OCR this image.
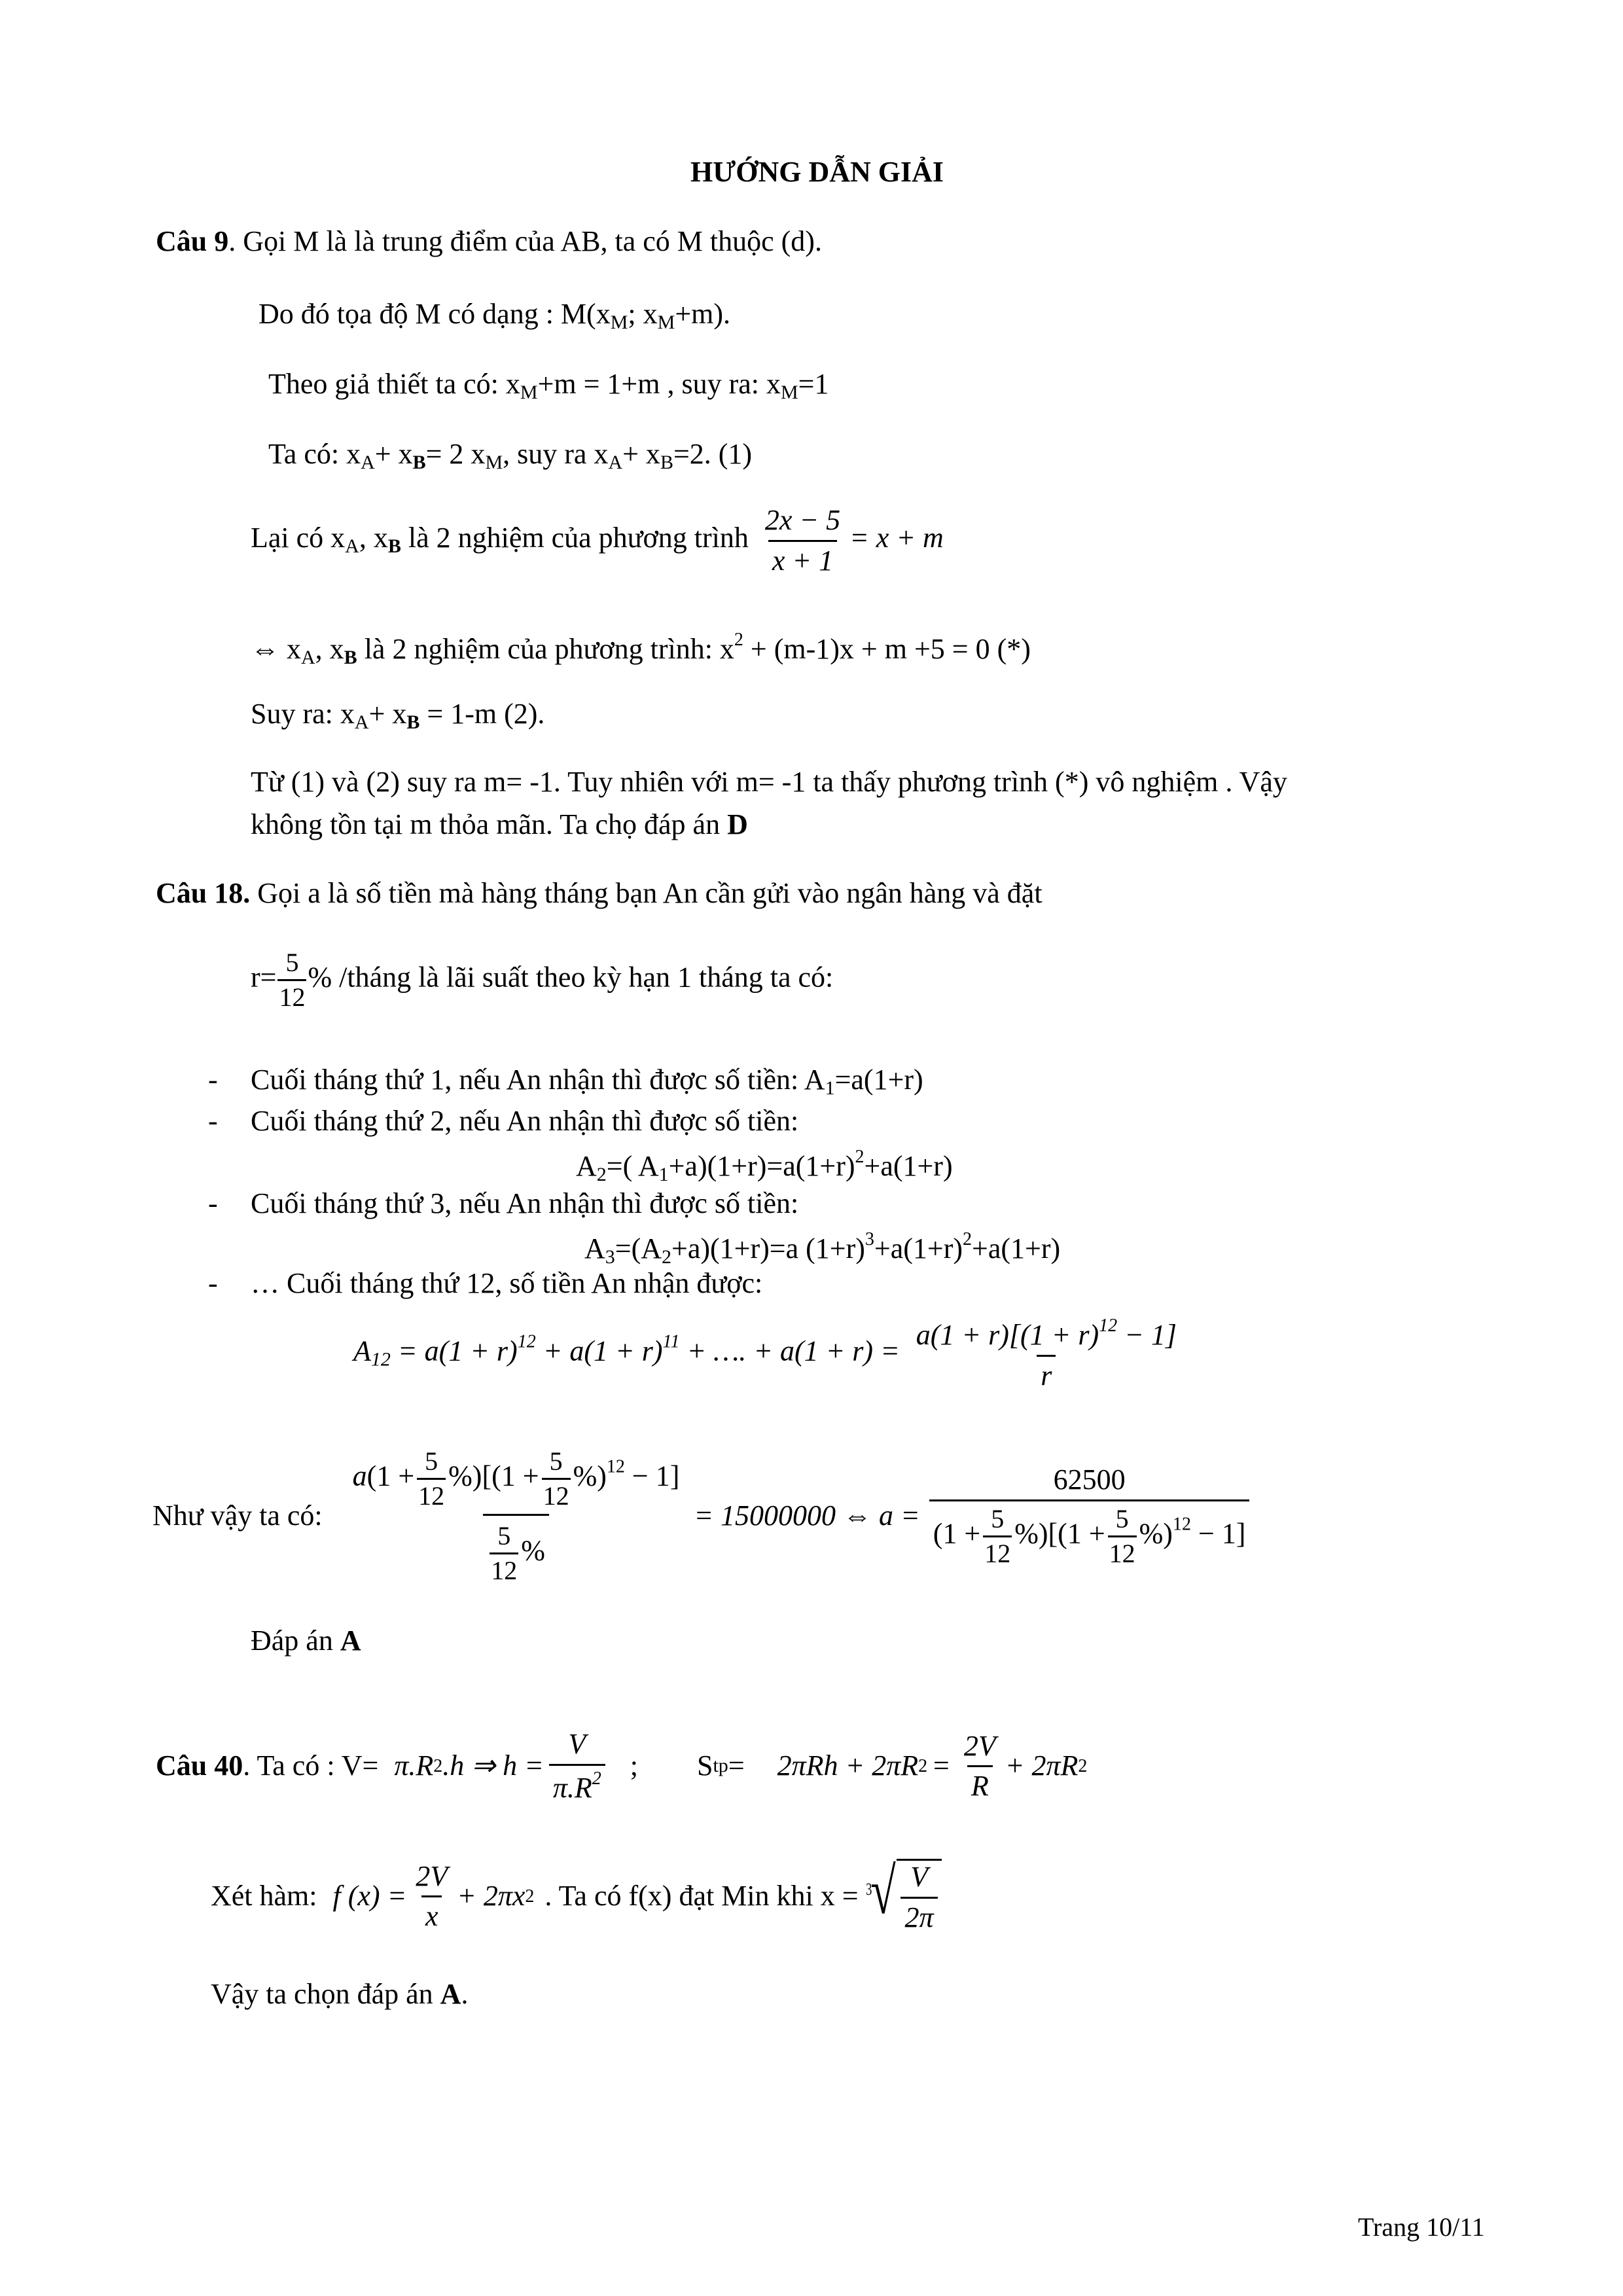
HƯỚNG DẪN GIẢI
Câu 9. Gọi M là là trung điểm của AB, ta có M thuộc (d).
Do đó tọa độ M có dạng : $M(x_M$; $x_M+m$).
Theo giả thiết ta có: $x_M+m = 1+m$ , suy ra: $x_M=1$
Ta có: $x_A+ xB= 2$ $x_M$, suy ra $x_A+ x_B=2$. (1)
Lại có $x_A$, xB là 2 nghiệm của phương trình $\frac{2x - 5}{x + 1} = x + m$
⇔ $x_A$, xB là 2 nghiệm của phương trình: $x^2 + (m-1)x + m +5 = 0$ (*)
Suy ra: $x_A+$ xB = 1-m (2).
Từ (1) và (2) suy ra m= -1. Tuy nhiên với m= -1 ta thấy phương trình (*) vô nghiệm . Vậy
không tồn tại m thỏa mãn. Ta chọ đáp án D
Câu 18. Gọi a là số tiền mà hàng tháng bạn An cần gửi vào ngân hàng và đặt
$r= \frac{5}{12}$ % /tháng là lãi suất theo kỳ hạn 1 tháng ta có:
- Cuối tháng thứ 1, nếu An nhận thì được số tiền: $A_1=a(1+r)$
- Cuối tháng thứ 2, nếu An nhận thì được số tiền:
$A_2=$( $A_1+a)(1+r)=a(1+r)^2+a(1+r)$
- Cuối tháng thứ 3, nếu An nhận thì được số tiền:
$A_3=(A_2+a)(1+r)=a$ $(1+r)^3+a(1+r)^2+a(1+r)$
- … Cuối tháng thứ 12, số tiền An nhận được:
$A_{12} = a(1 + r)^{12} + a(1 + r)^{11}$ + …. + $a(1 + r) = \frac{a(1 + r)[(1 + r)^{12} - 1]}{r}$
Như vậy ta có: $\frac{a(1 + \frac{5}{12} \%)[(1 + \frac{5}{12} \%)^{12} - 1]}{\frac{5}{12} \%} = 15000000$ ⇔ $a = \frac{62500}{(1 + \frac{5}{12} \%)[(1 + \frac{5}{12} \%)^{12} - 1]}$
Đáp án A
Câu 40 . Ta có : V= π.R 2 .h ⇒ $h = \frac{V}{\pi.R^2}$ ; S tp = 2πRh + 2πR $2 = \frac{2V}{R} + 2\pi R$ 2
Xét hàm: f $(x) = \frac{2V}{x} + 2\pi x$ 2 . Ta có f(x) đạt Min khi x = √
$3 \frac{V}{2\pi}$
Vậy ta chọn đáp án A.
Trang 10/11
